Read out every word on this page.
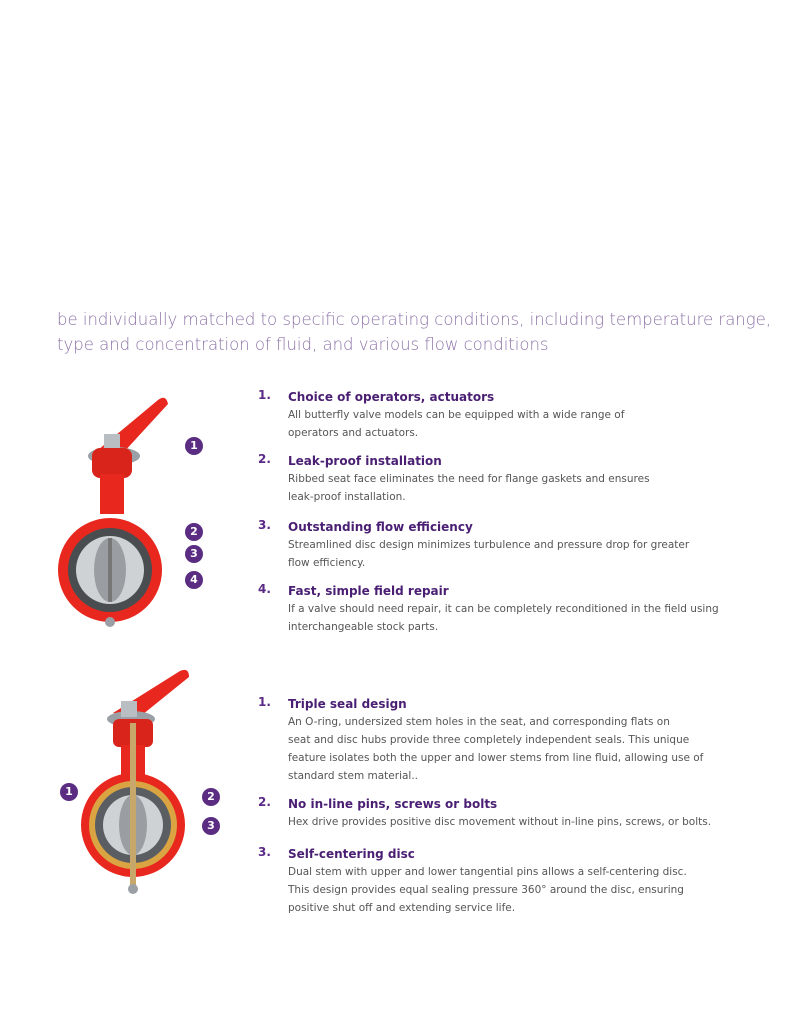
be individually matched to specific operating conditions, including temperature range,
type and concentration of fluid, and various flow conditions
1
2
3
4
1. Choice of operators, actuators
All butterfly valve models can be equipped with a wide range of
operators and actuators.
2. Leak-proof installation
Ribbed seat face eliminates the need for flange gaskets and ensures
leak-proof installation.
3. Outstanding flow efficiency
Streamlined disc design minimizes turbulence and pressure drop for greater
flow efficiency.
4. Fast, simple field repair
If a valve should need repair, it can be completely reconditioned in the field using
interchangeable stock parts.
1	2
3
1. Triple seal design
An O-ring, undersized stem holes in the seat, and corresponding flats on
seat and disc hubs provide three completely independent seals. This unique
feature isolates both the upper and lower stems from line fluid, allowing use of
standard stem material..
2. No in-line pins, screws or bolts
Hex drive provides positive disc movement without in-line pins, screws, or bolts.
3. Self-centering disc
Dual stem with upper and lower tangential pins allows a self-centering disc.
This design provides equal sealing pressure 360° around the disc, ensuring
positive shut off and extending service life.
